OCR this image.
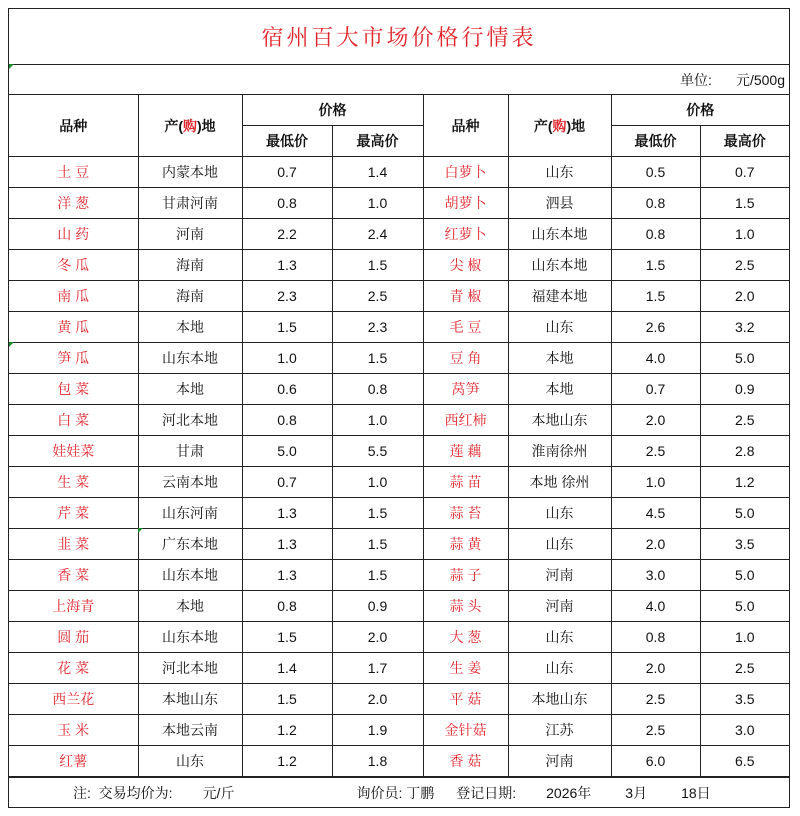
宿州百大市场价格行情表
单位: 元/500g
品种	产(购)地	价格		品种	产(购)地	价格	
		最低价	最高价			最低价	最高价
土 豆	内蒙本地	0.7	1.4	白萝卜	山东	0.5	0.7
洋 葱	甘肃河南	0.8	1.0	胡萝卜	泗县	0.8	1.5
山 药	河南	2.2	2.4	红萝卜	山东本地	0.8	1.0
冬 瓜	海南	1.3	1.5	尖 椒	山东本地	1.5	2.5
南 瓜	海南	2.3	2.5	青 椒	福建本地	1.5	2.0
黄 瓜	本地	1.5	2.3	毛 豆	山东	2.6	3.2
笋 瓜	山东本地	1.0	1.5	豆 角	本地	4.0	5.0
包 菜	本地	0.6	0.8	莴笋	本地	0.7	0.9
白 菜	河北本地	0.8	1.0	西红柿	本地山东	2.0	2.5
娃娃菜	甘肃	5.0	5.5	莲 藕	淮南徐州	2.5	2.8
生 菜	云南本地	0.7	1.0	蒜 苗	本地 徐州	1.0	1.2
芹 菜	山东河南	1.3	1.5	蒜 苔	山东	4.5	5.0
韭 菜	广东本地	1.3	1.5	蒜 黄	山东	2.0	3.5
香 菜	山东本地	1.3	1.5	蒜 子	河南	3.0	5.0
上海青	本地	0.8	0.9	蒜 头	河南	4.0	5.0
圆 茄	山东本地	1.5	2.0	大 葱	山东	0.8	1.0
花 菜	河北本地	1.4	1.7	生 姜	山东	2.0	2.5
西兰花	本地山东	1.5	2.0	平 菇	本地山东	2.5	3.5
玉 米	本地云南	1.2	1.9	金针菇	江苏	2.5	3.0
红薯	山东	1.2	1.8	香 菇	河南	6.0	6.5
注:  交易均价为: 元/斤	询价员: 丁鹏 登记日期: 2026年 3月 18日
